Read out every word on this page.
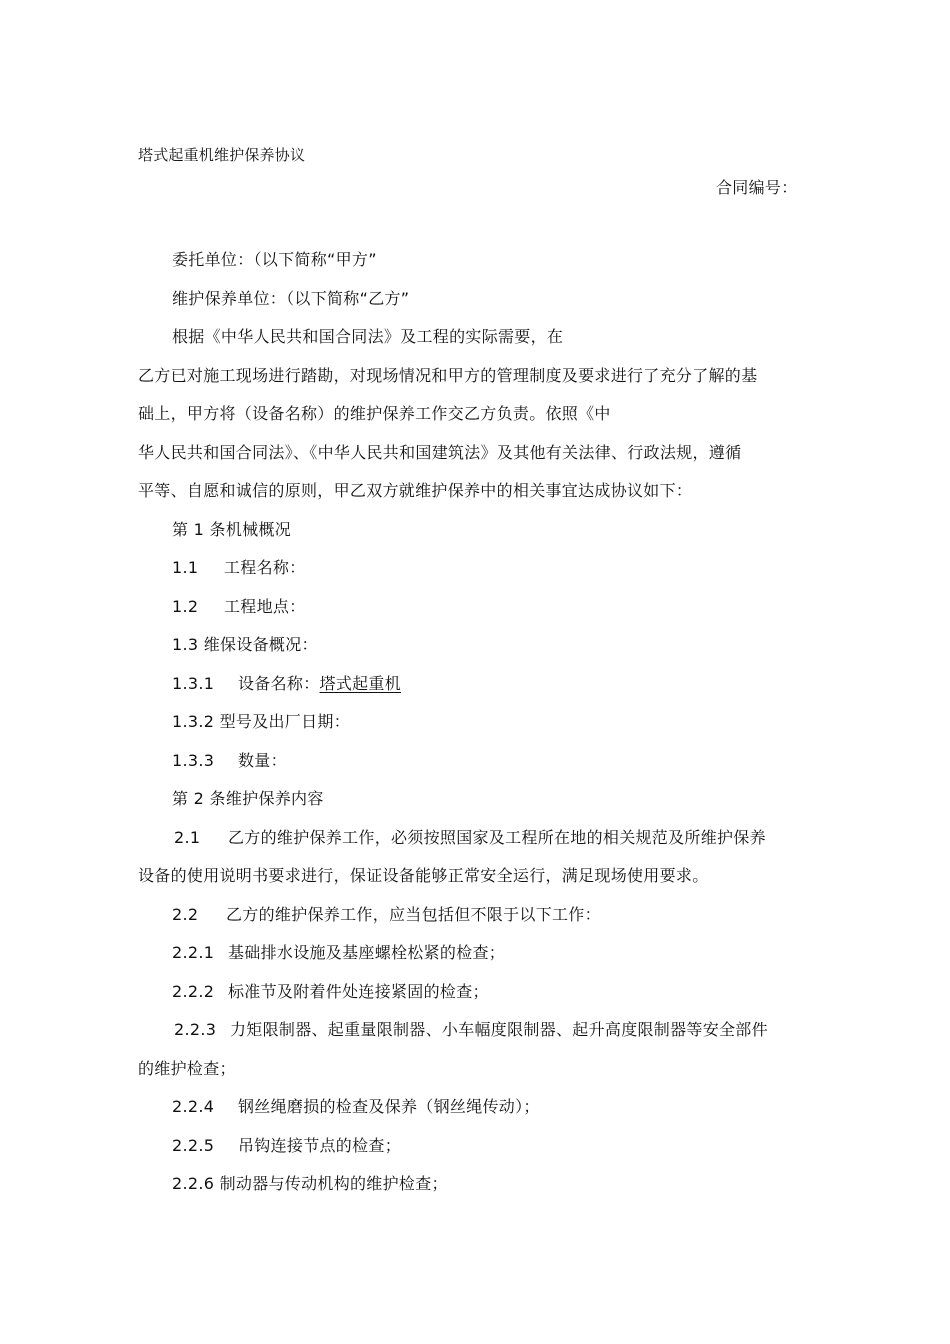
塔式起重机维护保养协议
合同编号：
委托单位：（以下简称“甲方”
维护保养单位：（以下简称“乙方”
根据《中华人民共和国合同法》及工程的实际需要，在
乙方已对施工现场进行踏勘，对现场情况和甲方的管理制度及要求进行了充分了解的基
础上，甲方将（设备名称）的维护保养工作交乙方负责。依照《中
华人民共和国合同法》、《中华人民共和国建筑法》及其他有关法律、行政法规，遵循
平等、自愿和诚信的原则，甲乙双方就维护保养中的相关事宜达成协议如下：
第 1 条机械概况
1.1 工程名称：
1.2 工程地点：
1.3 维保设备概况：
1.3.1 设备名称：塔式起重机
1.3.2 型号及出厂日期：
1.3.3 数量：
第 2 条维护保养内容
2.1 乙方的维护保养工作，必须按照国家及工程所在地的相关规范及所维护保养
设备的使用说明书要求进行，保证设备能够正常安全运行，满足现场使用要求。
2.2 乙方的维护保养工作，应当包括但不限于以下工作：
2.2.1 基础排水设施及基座螺栓松紧的检查；
2.2.2 标准节及附着件处连接紧固的检查；
2.2.3 力矩限制器、起重量限制器、小车幅度限制器、起升高度限制器等安全部件
的维护检查；
2.2.4 钢丝绳磨损的检查及保养（钢丝绳传动）；
2.2.5 吊钩连接节点的检查；
2.2.6 制动器与传动机构的维护检查；
